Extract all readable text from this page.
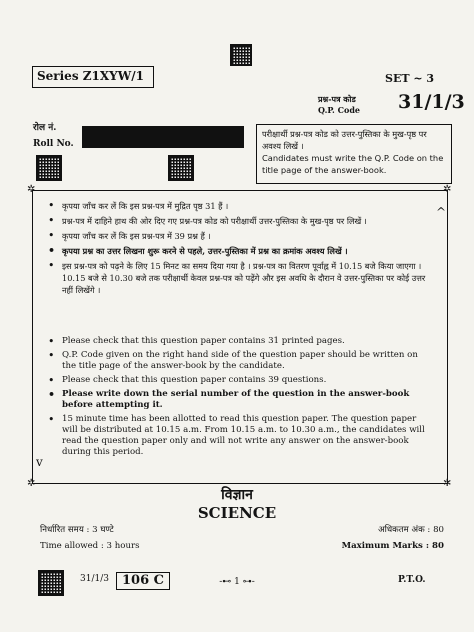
Series Z1XYW/1	SET ~ 3
प्रश्न-पत्र कोड
Q.P. Code 31/1/3
रोल नं.
Roll No.
परीक्षार्थी प्रश्न-पत्र कोड को उत्तर-पुस्तिका के मुख-पृष्ठ पर अवश्य लिखें ।
Candidates must write the Q.P. Code on the title page of the answer-book.
✲	✲
✲	✲
^
v
• कृपया जाँच कर लें कि इस प्रश्न-पत्र में मुद्रित पृष्ठ 31 हैं ।
• प्रश्न-पत्र में दाहिने हाथ की ओर दिए गए प्रश्न-पत्र कोड को परीक्षार्थी उत्तर-पुस्तिका के मुख-पृष्ठ पर लिखें ।
• कृपया जाँच कर लें कि इस प्रश्न-पत्र में 39 प्रश्न हैं ।
• कृपया प्रश्न का उत्तर लिखना शुरू करने से पहले, उत्तर-पुस्तिका में प्रश्न का क्रमांक अवश्य लिखें ।
• इस प्रश्न-पत्र को पढ़ने के लिए 15 मिनट का समय दिया गया है । प्रश्न-पत्र का वितरण पूर्वाह्न में 10.15 बजे किया जाएगा । 10.15 बजे से 10.30 बजे तक परीक्षार्थी केवल प्रश्न-पत्र को पढ़ेंगे और इस अवधि के दौरान वे उत्तर-पुस्तिका पर कोई उत्तर नहीं लिखेंगे ।
• Please check that this question paper contains 31 printed pages.
• Q.P. Code given on the right hand side of the question paper should be written on the title page of the answer-book by the candidate.
• Please check that this question paper contains 39 questions.
• Please write down the serial number of the question in the answer-book before attempting it.
• 15 minute time has been allotted to read this question paper. The question paper will be distributed at 10.15 a.m. From 10.15 a.m. to 10.30 a.m., the candidates will read the question paper only and will not write any answer on the answer-book during this period.
विज्ञान
SCIENCE
निर्धारित समय : 3 घण्टे
Time allowed : 3 hours
अधिकतम अंक : 80
Maximum Marks : 80
31/1/3	106 C	-⊷ 1 ⊶-	P.T.O.
